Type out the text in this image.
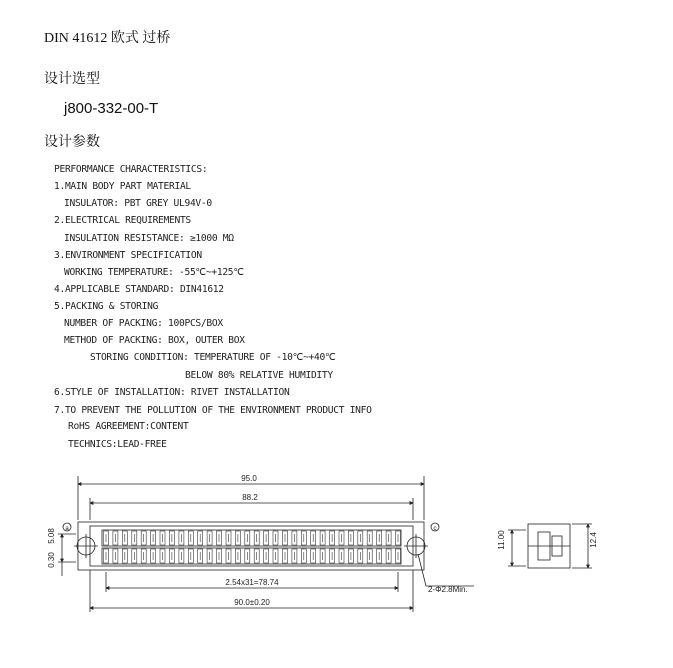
DIN 41612 欧式 过桥
设计选型
j800-332-00-T
设计参数
PERFORMANCE CHARACTERISTICS:
1.MAIN BODY PART MATERIAL
INSULATOR: PBT GREY UL94V-0
2.ELECTRICAL REQUIREMENTS
INSULATION RESISTANCE: ≥1000 MΩ
3.ENVIRONMENT SPECIFICATION
WORKING TEMPERATURE: -55℃~+125℃
4.APPLICABLE STANDARD: DIN41612
5.PACKING & STORING
NUMBER OF PACKING: 100PCS/BOX
METHOD OF PACKING: BOX, OUTER BOX
STORING CONDITION: TEMPERATURE OF -10℃~+40℃
BELOW 80% RELATIVE HUMIDITY
6.STYLE OF INSTALLATION: RIVET INSTALLATION
7.TO PREVENT THE POLLUTION OF THE ENVIRONMENT PRODUCT INFO
RoHS AGREEMENT:CONTENT
TECHNICS:LEAD-FREE
95.0
88.2
2.54x31=78.74
90.0±0.20
2-Φ2.8Min.
5.08
0.30
11.00	12.4
a	c
